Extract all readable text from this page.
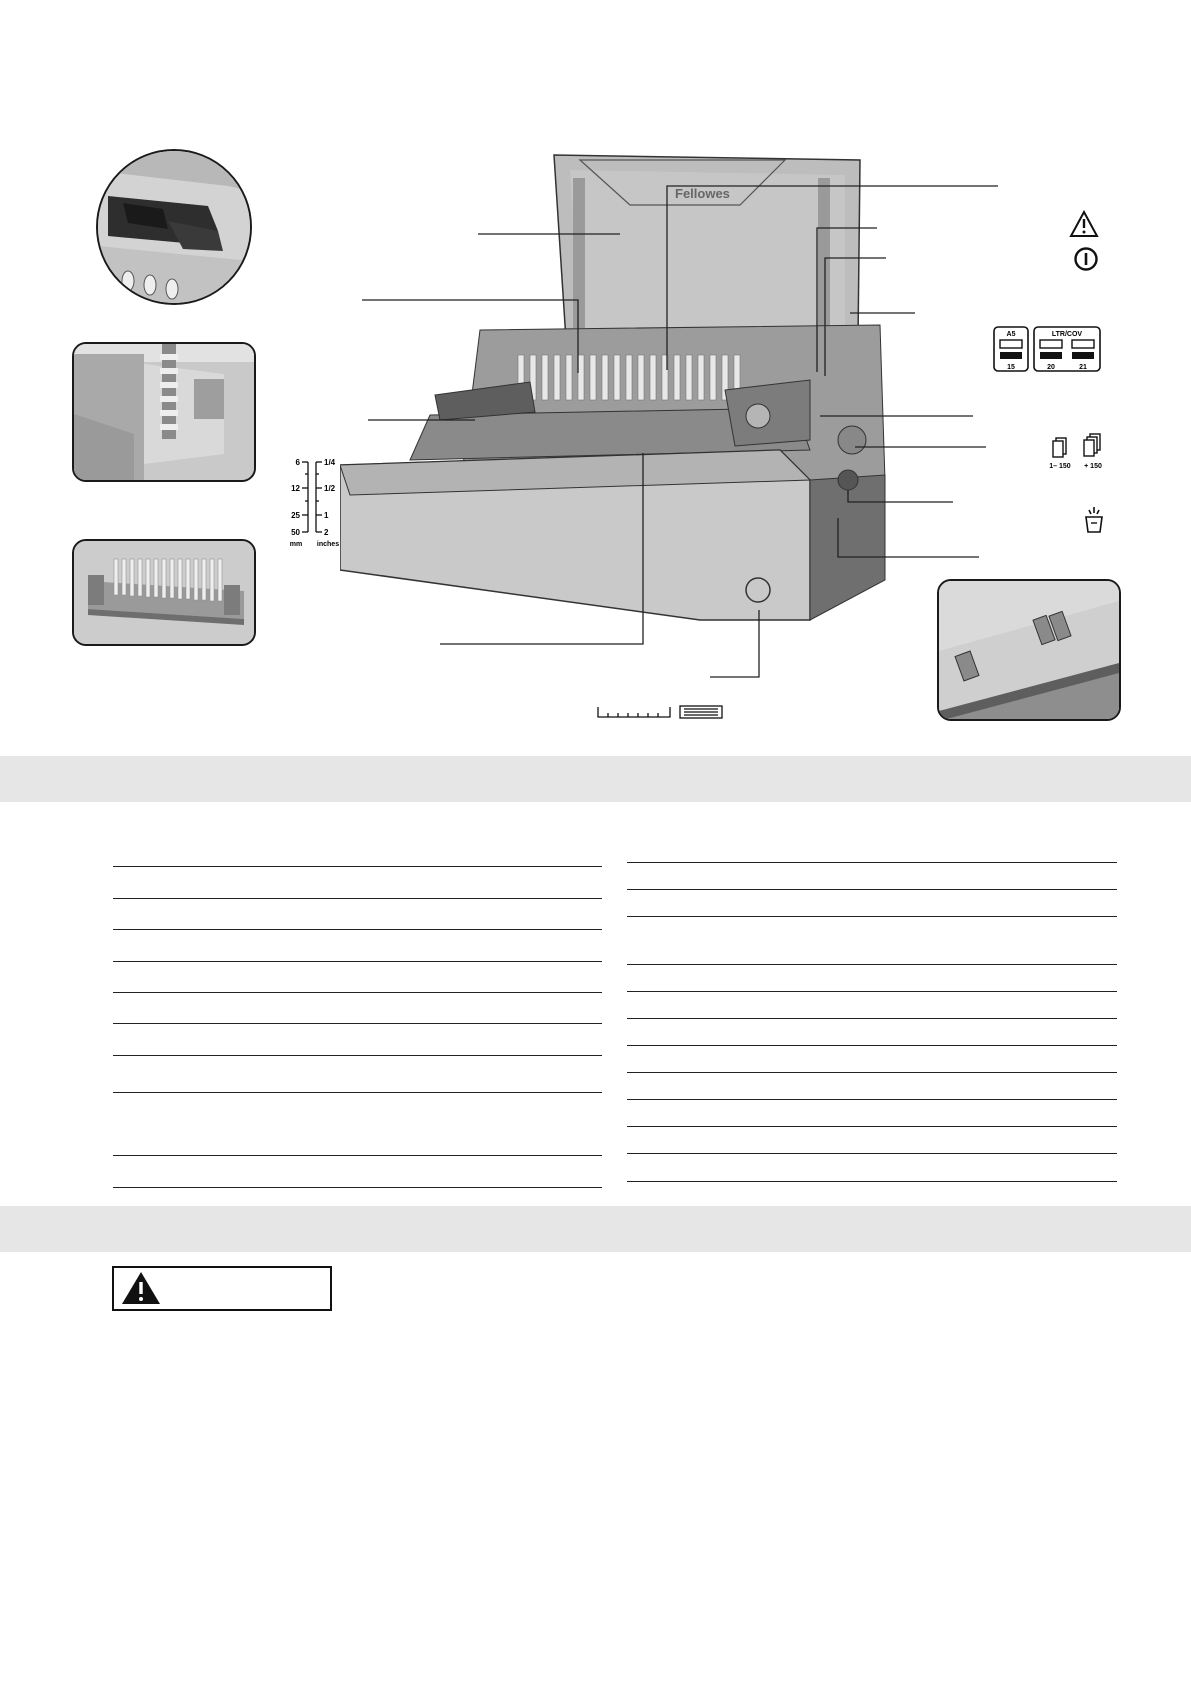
Fellowes
6
12
25
50
1/4
1/2
1
2
mm inches
A5
15
LTR/COV
20	21
1– 150 + 150
